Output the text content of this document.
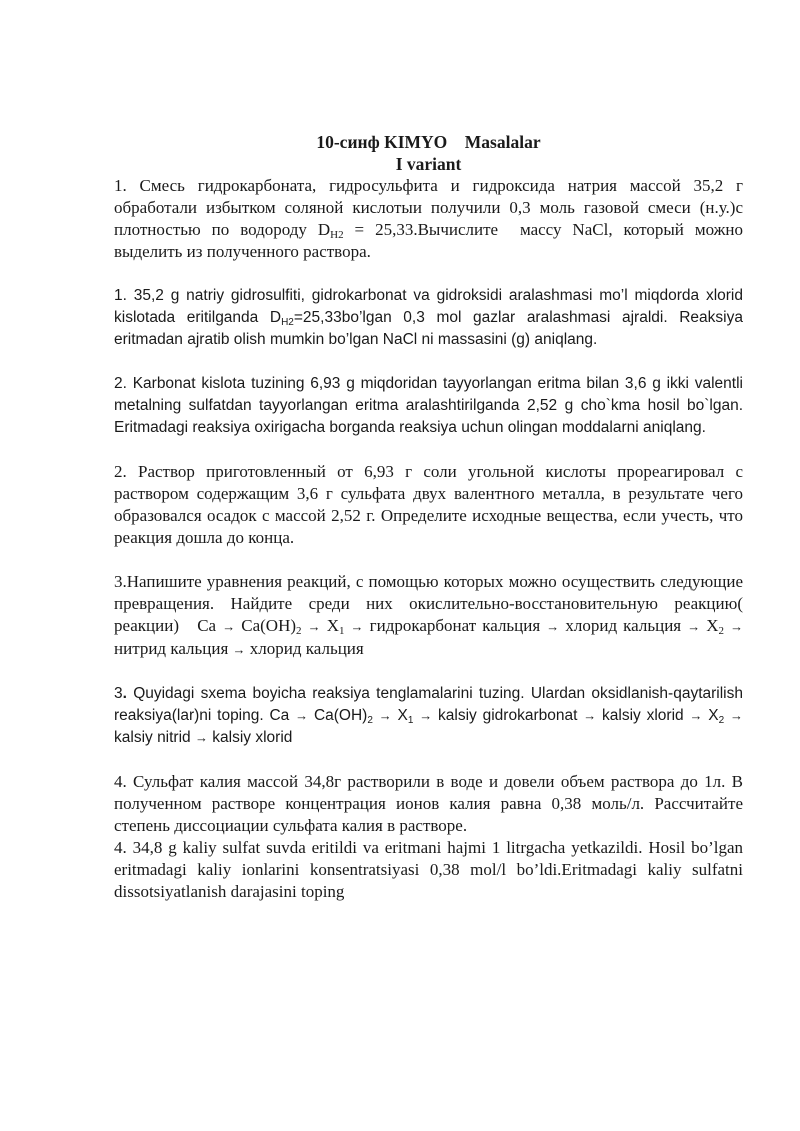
10-синф KIMYO    Masalalar

I variant

1. Смесь гидрокарбоната, гидросульфита и гидроксида натрия массой 35,2 г обработали избытком соляной кислотыи получили 0,3 моль газовой смеси (н.у.)с плотностью по водороду $D_{H2}$ = 25,33.Вычислите  массу NaCl, который можно выделить из полученного раствора.

1. 35,2 g natriy gidrosulfiti, gidrokarbonat va gidroksidi aralashmasi mo’l miqdorda xlorid kislotada eritilganda $D_{H2}=25,33bo’lgan$ 0,3 mol gazlar aralashmasi ajraldi. Reaksiya eritmadan ajratib olish mumkin bo’lgan NaCl ni massasini (g) aniqlang.

2. Karbonat kislota tuzining 6,93 g miqdoridan tayyorlangan eritma bilan 3,6 g ikki valentli metalning sulfatdan tayyorlangan eritma aralashtirilganda 2,52 g cho`kma hosil bo`lgan. Eritmadagi reaksiya oxirigacha borganda reaksiya uchun olingan moddalarni aniqlang.

2. Раствор приготовленный от 6,93 г соли угольной кислоты прореагировал с раствором содержащим 3,6 г сульфата двух валентного металла, в результате чего образовался осадок с массой 2,52 г. Определите исходные вещества, если учесть, что реакция дошла до конца.

3.Напишите уравнения реакций, с помощью которых можно осуществить следующие превращения. Найдите среди них окислительно-восстановительную реакцию( реакции)   $Ca \to Ca(OH)_2 \to X_1$ → гидрокарбонат кальция → хлорид кальция → $X_2$ → нитрид кальция → хлорид кальция

3. Quyidagi sxema boyicha reaksiya tenglamalarini tuzing. Ulardan oksidlanish-qaytarilish reaksiya(lar)ni toping. $Ca \to Ca(OH)_2 \to X_1$ → kalsiy gidrokarbonat → kalsiy xlorid → $X_2$ → kalsiy nitrid → kalsiy xlorid

4. Сульфат калия массой 34,8г растворили в воде и довели объем раствора до 1л. В полученном растворе концентрация ионов калия равна 0,38 моль/л. Рассчитайте степень диссоциации сульфата калия в растворе.

4. 34,8 g kaliy sulfat suvda eritildi va eritmani hajmi 1 litrgacha yetkazildi. Hosil bo’lgan eritmadagi kaliy ionlarini konsentratsiyasi 0,38 mol/l bo’ldi.Eritmadagi kaliy sulfatni dissotsiyatlanish darajasini toping
